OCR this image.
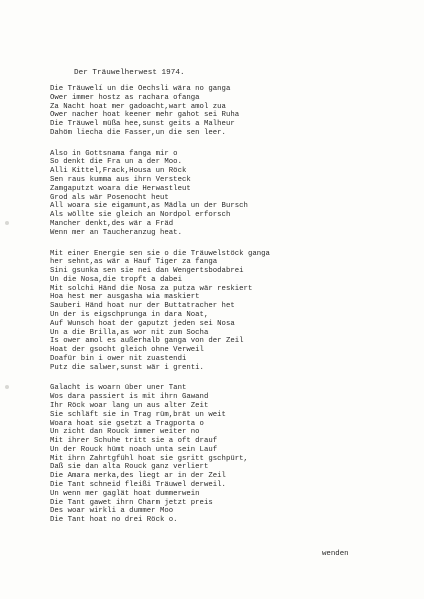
Der Träuwelherwest 1974.
Die Träuwelí un die Oechsli wära no ganga
Ower immer hostz as rachara ofanga
Za Nacht hoat mer gadoacht,wart amol zua
Ower nacher hoat keener mehr gahot sei Ruha
Die Träuwel müßa hee,sunst geits a Malheur
Dahöm liecha die Fasser,un die sen leer.
Also in Gottsnama fanga mir o
So denkt die Fra un a der Moo.
Alli Kittel,Frack,Housa un Röck
Sen raus kumma aus ihrn Versteck
Zamgaputzt woara die Herwastleut
Grod als wär Posenocht heut
All woara sie eigamunt,as Mädla un der Bursch
Als wöllte sie gleich an Nordpol erforsch
Mancher denkt,des wär a Fräd
Wenn mer an Taucheranzug heat.
Mit einer Energie sen sie o die Träuwelstöck ganga
her sehnt,as wär a Hauf Tiger za fanga
Sini gsunka sen sie nei dan Wengertsbodabrei
Un die Nosa,die tropft a dabei
Mit solchi Händ die Nosa za putza wär reskiert
Hoa hest mer ausgasha wia maskiert
Sauberi Händ hoat nur der Buttatracher het
Un der is eigschprunga in dara Noat,
Auf Wunsch hoat der gaputzt jeden sei Nosa
Un a die Brilla,as wor nit zum Socha
Is ower amol es außerhalb ganga von der Zeil
Hoat der gsocht gleich ohne Verweil
Doafür bin i ower nit zuastendi
Putz die salwer,sunst wär i grenti.
Galacht is woarn über uner Tant
Wos dara passiert is mit ihrn Gawand
Ihr Röck woar lang un aus alter Zeit
Sie schläft sie in Trag rüm,brät un weit
Woara hoat sie gsetzt a Tragporta o
Un zicht dan Rouck immer weiter no
Mit ihrer Schuhe tritt sie a oft drauf
Un der Rouck hümt noach unta sein Lauf
Mit ihrn Zahrtgfühl hoat sie gsritt gschpürt,
Daß sie dan alta Rouck ganz verliert
Die Amara merka,des liegt ar in der Zeil
Die Tant schneid fleißi Träuwel derweil.
Un wenn mer gaglät hoat dummerwein
Die Tant gawet ihrn Charm jetzt preis
Des woar wirkli a dummer Moo
Die Tant hoat no drei Röck o.
wenden
